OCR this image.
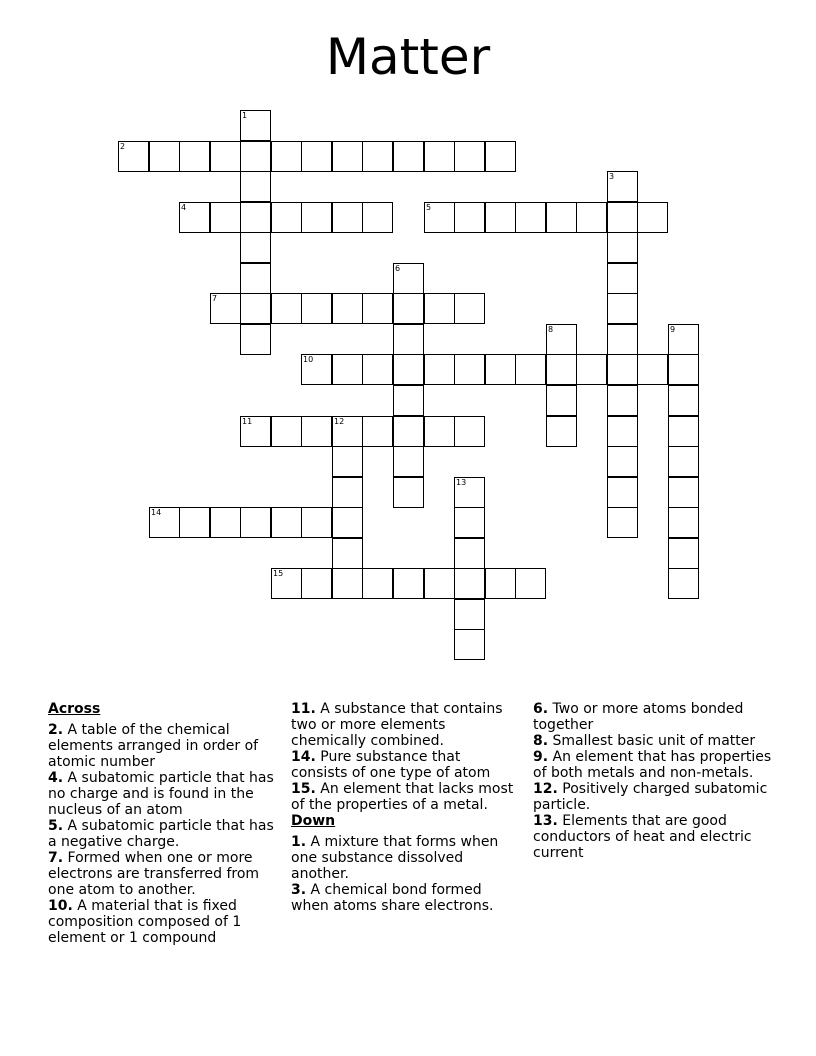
Matter
1
2
3
4	5
6
7
8	9
10
11	12
13
14
15
Across
2. A table of the chemical elements arranged in order of atomic number
4. A subatomic particle that has no charge and is found in the nucleus of an atom
5. A subatomic particle that has a negative charge.
7. Formed when one or more electrons are transferred from one atom to another.
10. A material that is fixed composition composed of 1 element or 1 compound
11. A substance that contains two or more elements chemically combined.
14. Pure substance that consists of one type of atom
15. An element that lacks most of the properties of a metal.
Down
1. A mixture that forms when one substance dissolved another.
3. A chemical bond formed when atoms share electrons.
6. Two or more atoms bonded together
8. Smallest basic unit of matter
9. An element that has properties of both metals and non-metals.
12. Positively charged subatomic particle.
13. Elements that are good conductors of heat and electric current
